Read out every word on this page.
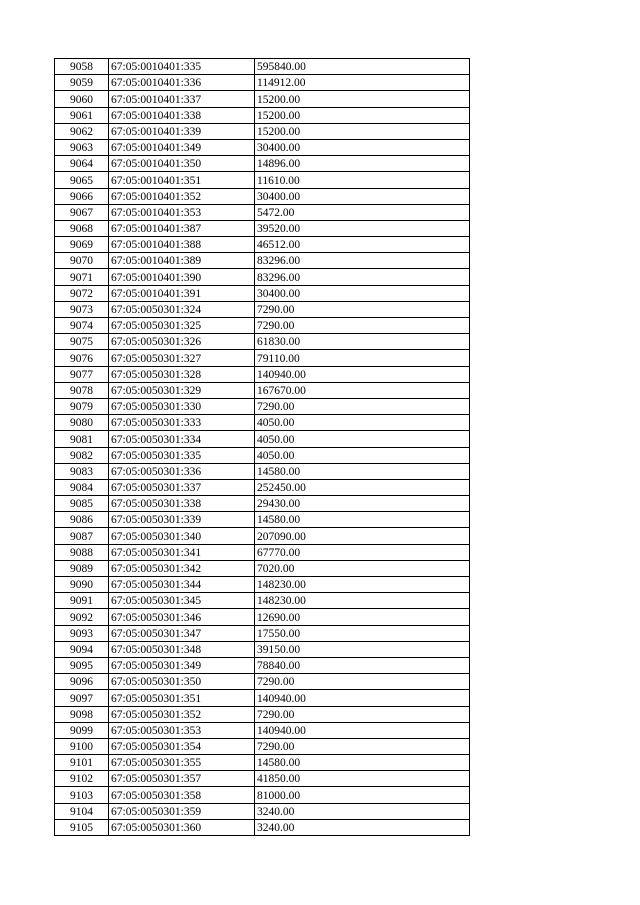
9058	67:05:0010401:335	595840.00
9059	67:05:0010401:336	114912.00
9060	67:05:0010401:337	15200.00
9061	67:05:0010401:338	15200.00
9062	67:05:0010401:339	15200.00
9063	67:05:0010401:349	30400.00
9064	67:05:0010401:350	14896.00
9065	67:05:0010401:351	11610.00
9066	67:05:0010401:352	30400.00
9067	67:05:0010401:353	5472.00
9068	67:05:0010401:387	39520.00
9069	67:05:0010401:388	46512.00
9070	67:05:0010401:389	83296.00
9071	67:05:0010401:390	83296.00
9072	67:05:0010401:391	30400.00
9073	67:05:0050301:324	7290.00
9074	67:05:0050301:325	7290.00
9075	67:05:0050301:326	61830.00
9076	67:05:0050301:327	79110.00
9077	67:05:0050301:328	140940.00
9078	67:05:0050301:329	167670.00
9079	67:05:0050301:330	7290.00
9080	67:05:0050301:333	4050.00
9081	67:05:0050301:334	4050.00
9082	67:05:0050301:335	4050.00
9083	67:05:0050301:336	14580.00
9084	67:05:0050301:337	252450.00
9085	67:05:0050301:338	29430.00
9086	67:05:0050301:339	14580.00
9087	67:05:0050301:340	207090.00
9088	67:05:0050301:341	67770.00
9089	67:05:0050301:342	7020.00
9090	67:05:0050301:344	148230.00
9091	67:05:0050301:345	148230.00
9092	67:05:0050301:346	12690.00
9093	67:05:0050301:347	17550.00
9094	67:05:0050301:348	39150.00
9095	67:05:0050301:349	78840.00
9096	67:05:0050301:350	7290.00
9097	67:05:0050301:351	140940.00
9098	67:05:0050301:352	7290.00
9099	67:05:0050301:353	140940.00
9100	67:05:0050301:354	7290.00
9101	67:05:0050301:355	14580.00
9102	67:05:0050301:357	41850.00
9103	67:05:0050301:358	81000.00
9104	67:05:0050301:359	3240.00
9105	67:05:0050301:360	3240.00
